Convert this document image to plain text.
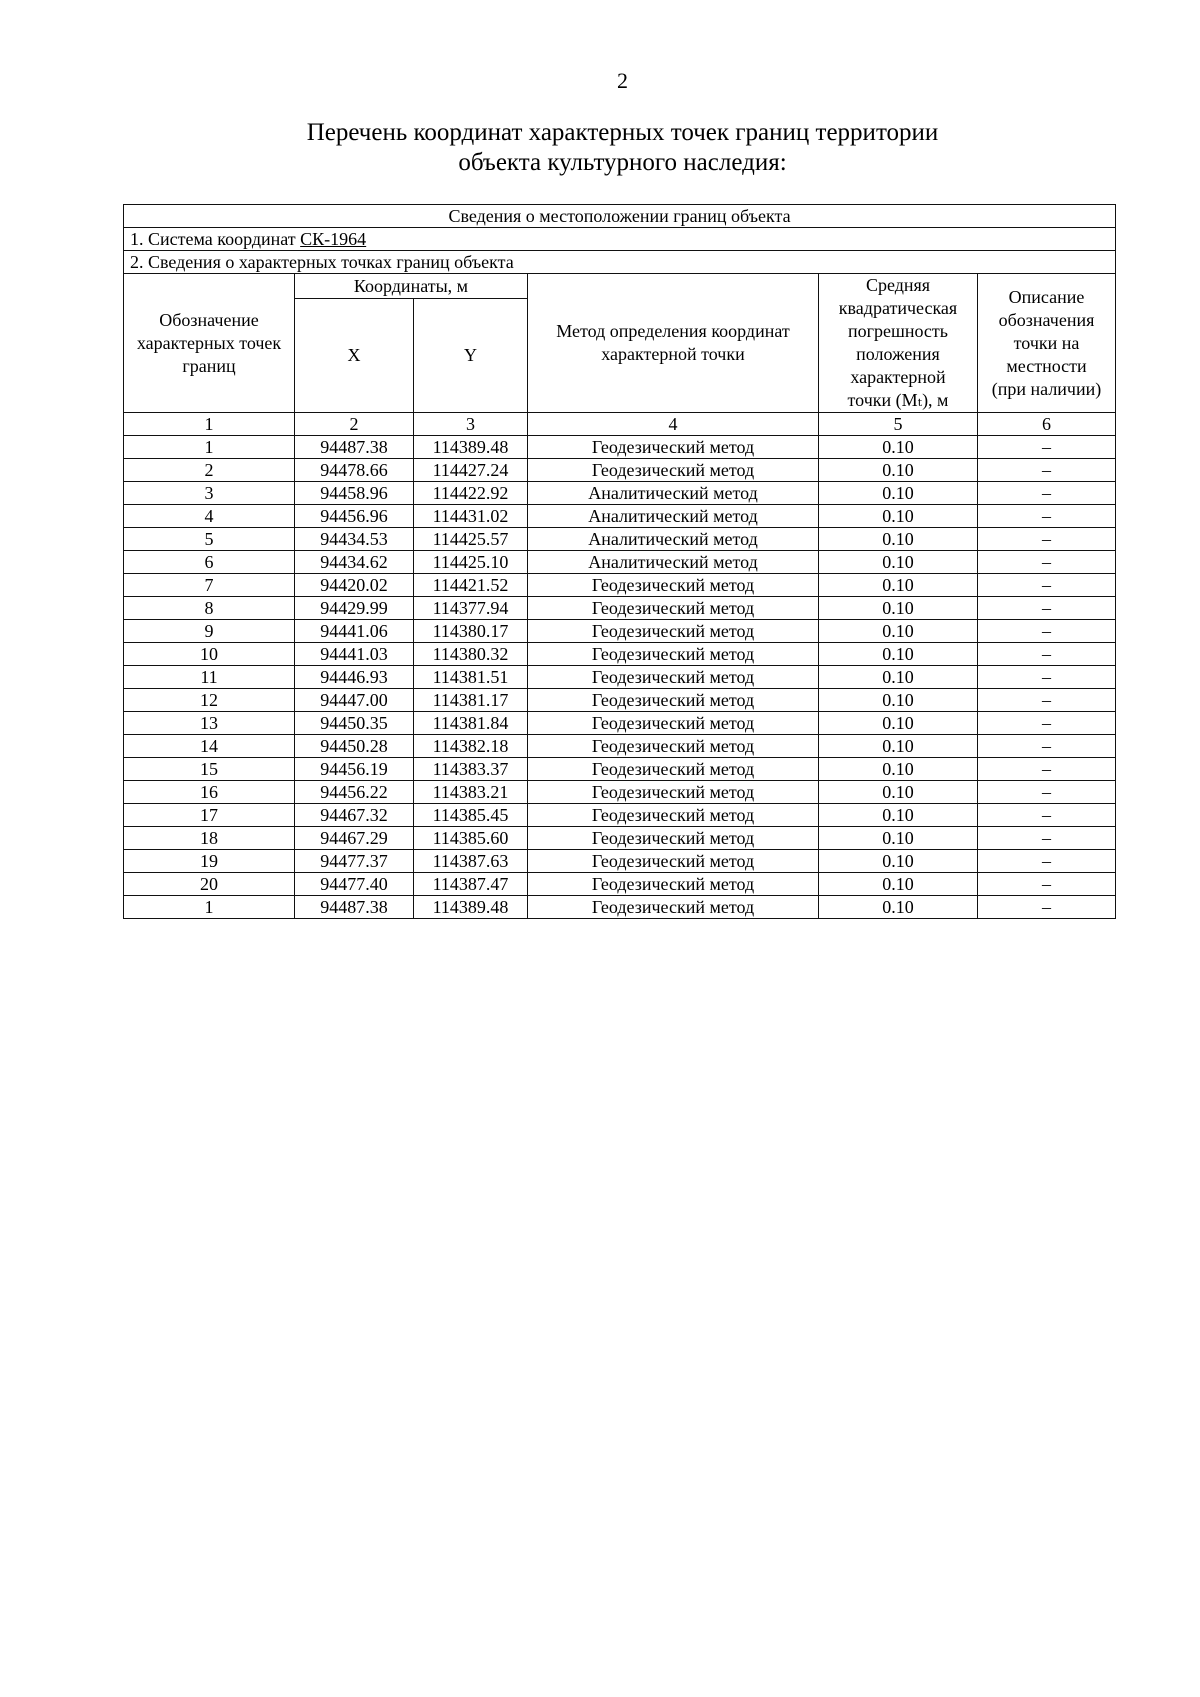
2
Перечень координат характерных точек границ территории
объекта культурного наследия:
Сведения о местоположении границ объекта					
1. Система координат СК-1964					
2. Сведения о характерных точках границ объекта					
Обозначение характерных точек границ	Координаты, м		Метод определения координат характерной точки	Средняя квадратическая погрешность положения характерной точки (Mₜ), м	Описание обозначения точки на местности (при наличии)
	X	Y			
1	2	3	4	5	6
1	94487.38	114389.48	Геодезический метод	0.10	–
2	94478.66	114427.24	Геодезический метод	0.10	–
3	94458.96	114422.92	Аналитический метод	0.10	–
4	94456.96	114431.02	Аналитический метод	0.10	–
5	94434.53	114425.57	Аналитический метод	0.10	–
6	94434.62	114425.10	Аналитический метод	0.10	–
7	94420.02	114421.52	Геодезический метод	0.10	–
8	94429.99	114377.94	Геодезический метод	0.10	–
9	94441.06	114380.17	Геодезический метод	0.10	–
10	94441.03	114380.32	Геодезический метод	0.10	–
11	94446.93	114381.51	Геодезический метод	0.10	–
12	94447.00	114381.17	Геодезический метод	0.10	–
13	94450.35	114381.84	Геодезический метод	0.10	–
14	94450.28	114382.18	Геодезический метод	0.10	–
15	94456.19	114383.37	Геодезический метод	0.10	–
16	94456.22	114383.21	Геодезический метод	0.10	–
17	94467.32	114385.45	Геодезический метод	0.10	–
18	94467.29	114385.60	Геодезический метод	0.10	–
19	94477.37	114387.63	Геодезический метод	0.10	–
20	94477.40	114387.47	Геодезический метод	0.10	–
1	94487.38	114389.48	Геодезический метод	0.10	–
